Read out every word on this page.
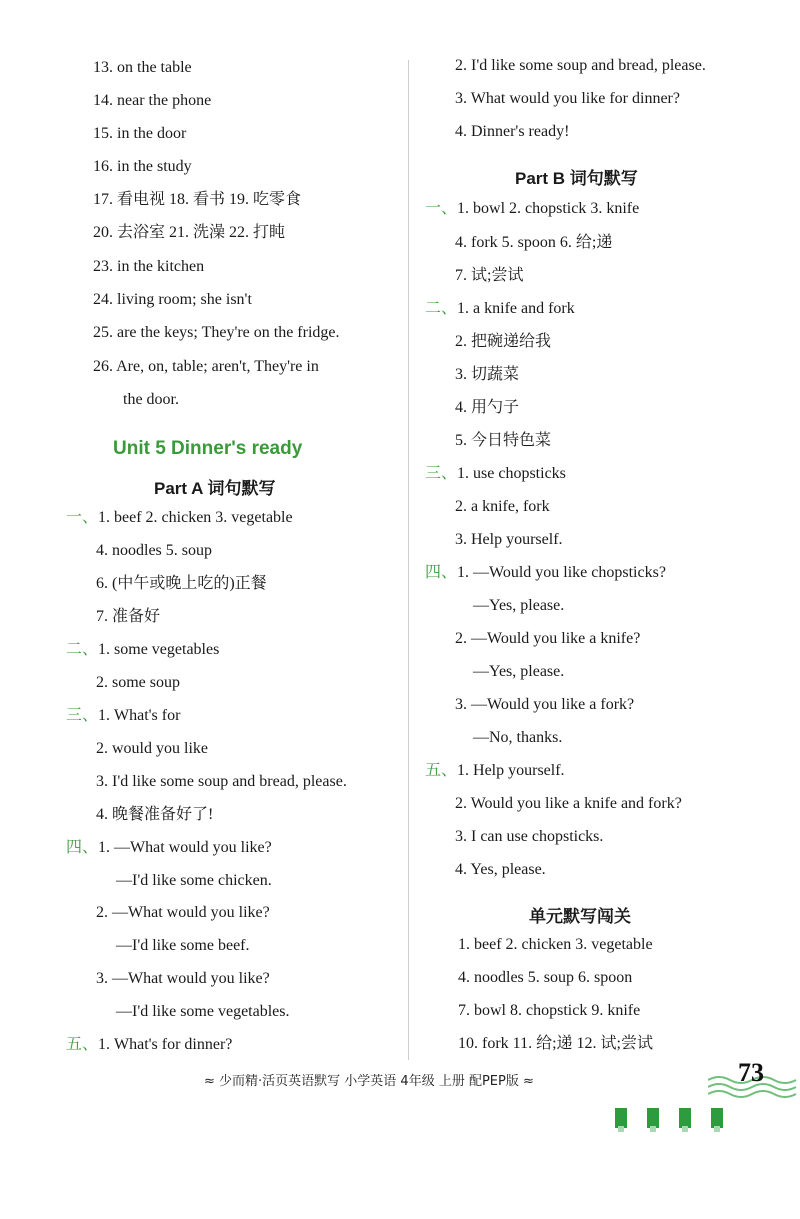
13. on the table
14. near the phone
15. in the door
16. in the study
17. 看电视 18. 看书 19. 吃零食
20. 去浴室 21. 洗澡 22. 打盹
23. in the kitchen
24. living room; she isn't
25. are the keys; They're on the fridge.
26. Are, on, table; aren't, They're in
the door.
Unit 5 Dinner's ready
Part A 词句默写
一、1. beef 2. chicken 3. vegetable
4. noodles 5. soup
6. (中午或晚上吃的)正餐
7. 准备好
二、1. some vegetables
2. some soup
三、1. What's for
2. would you like
3. I'd like some soup and bread, please.
4. 晚餐准备好了!
四、1. —What would you like?
—I'd like some chicken.
2. —What would you like?
—I'd like some beef.
3. —What would you like?
—I'd like some vegetables.
五、1. What's for dinner?
2. I'd like some soup and bread, please.
3. What would you like for dinner?
4. Dinner's ready!
Part B 词句默写
一、1. bowl 2. chopstick 3. knife
4. fork 5. spoon 6. 给;递
7. 试;尝试
二、1. a knife and fork
2. 把碗递给我
3. 切蔬菜
4. 用勺子
5. 今日特色菜
三、1. use chopsticks
2. a knife, fork
3. Help yourself.
四、1. —Would you like chopsticks?
—Yes, please.
2. —Would you like a knife?
—Yes, please.
3. —Would you like a fork?
—No, thanks.
五、1. Help yourself.
2. Would you like a knife and fork?
3. I can use chopsticks.
4. Yes, please.
单元默写闯关
1. beef 2. chicken 3. vegetable
4. noodles 5. soup 6. spoon
7. bowl 8. chopstick 9. knife
10. fork 11. 给;递 12. 试;尝试
≈ 少而精·活页英语默写 小学英语 4年级 上册 配PEP版 ≈	73
